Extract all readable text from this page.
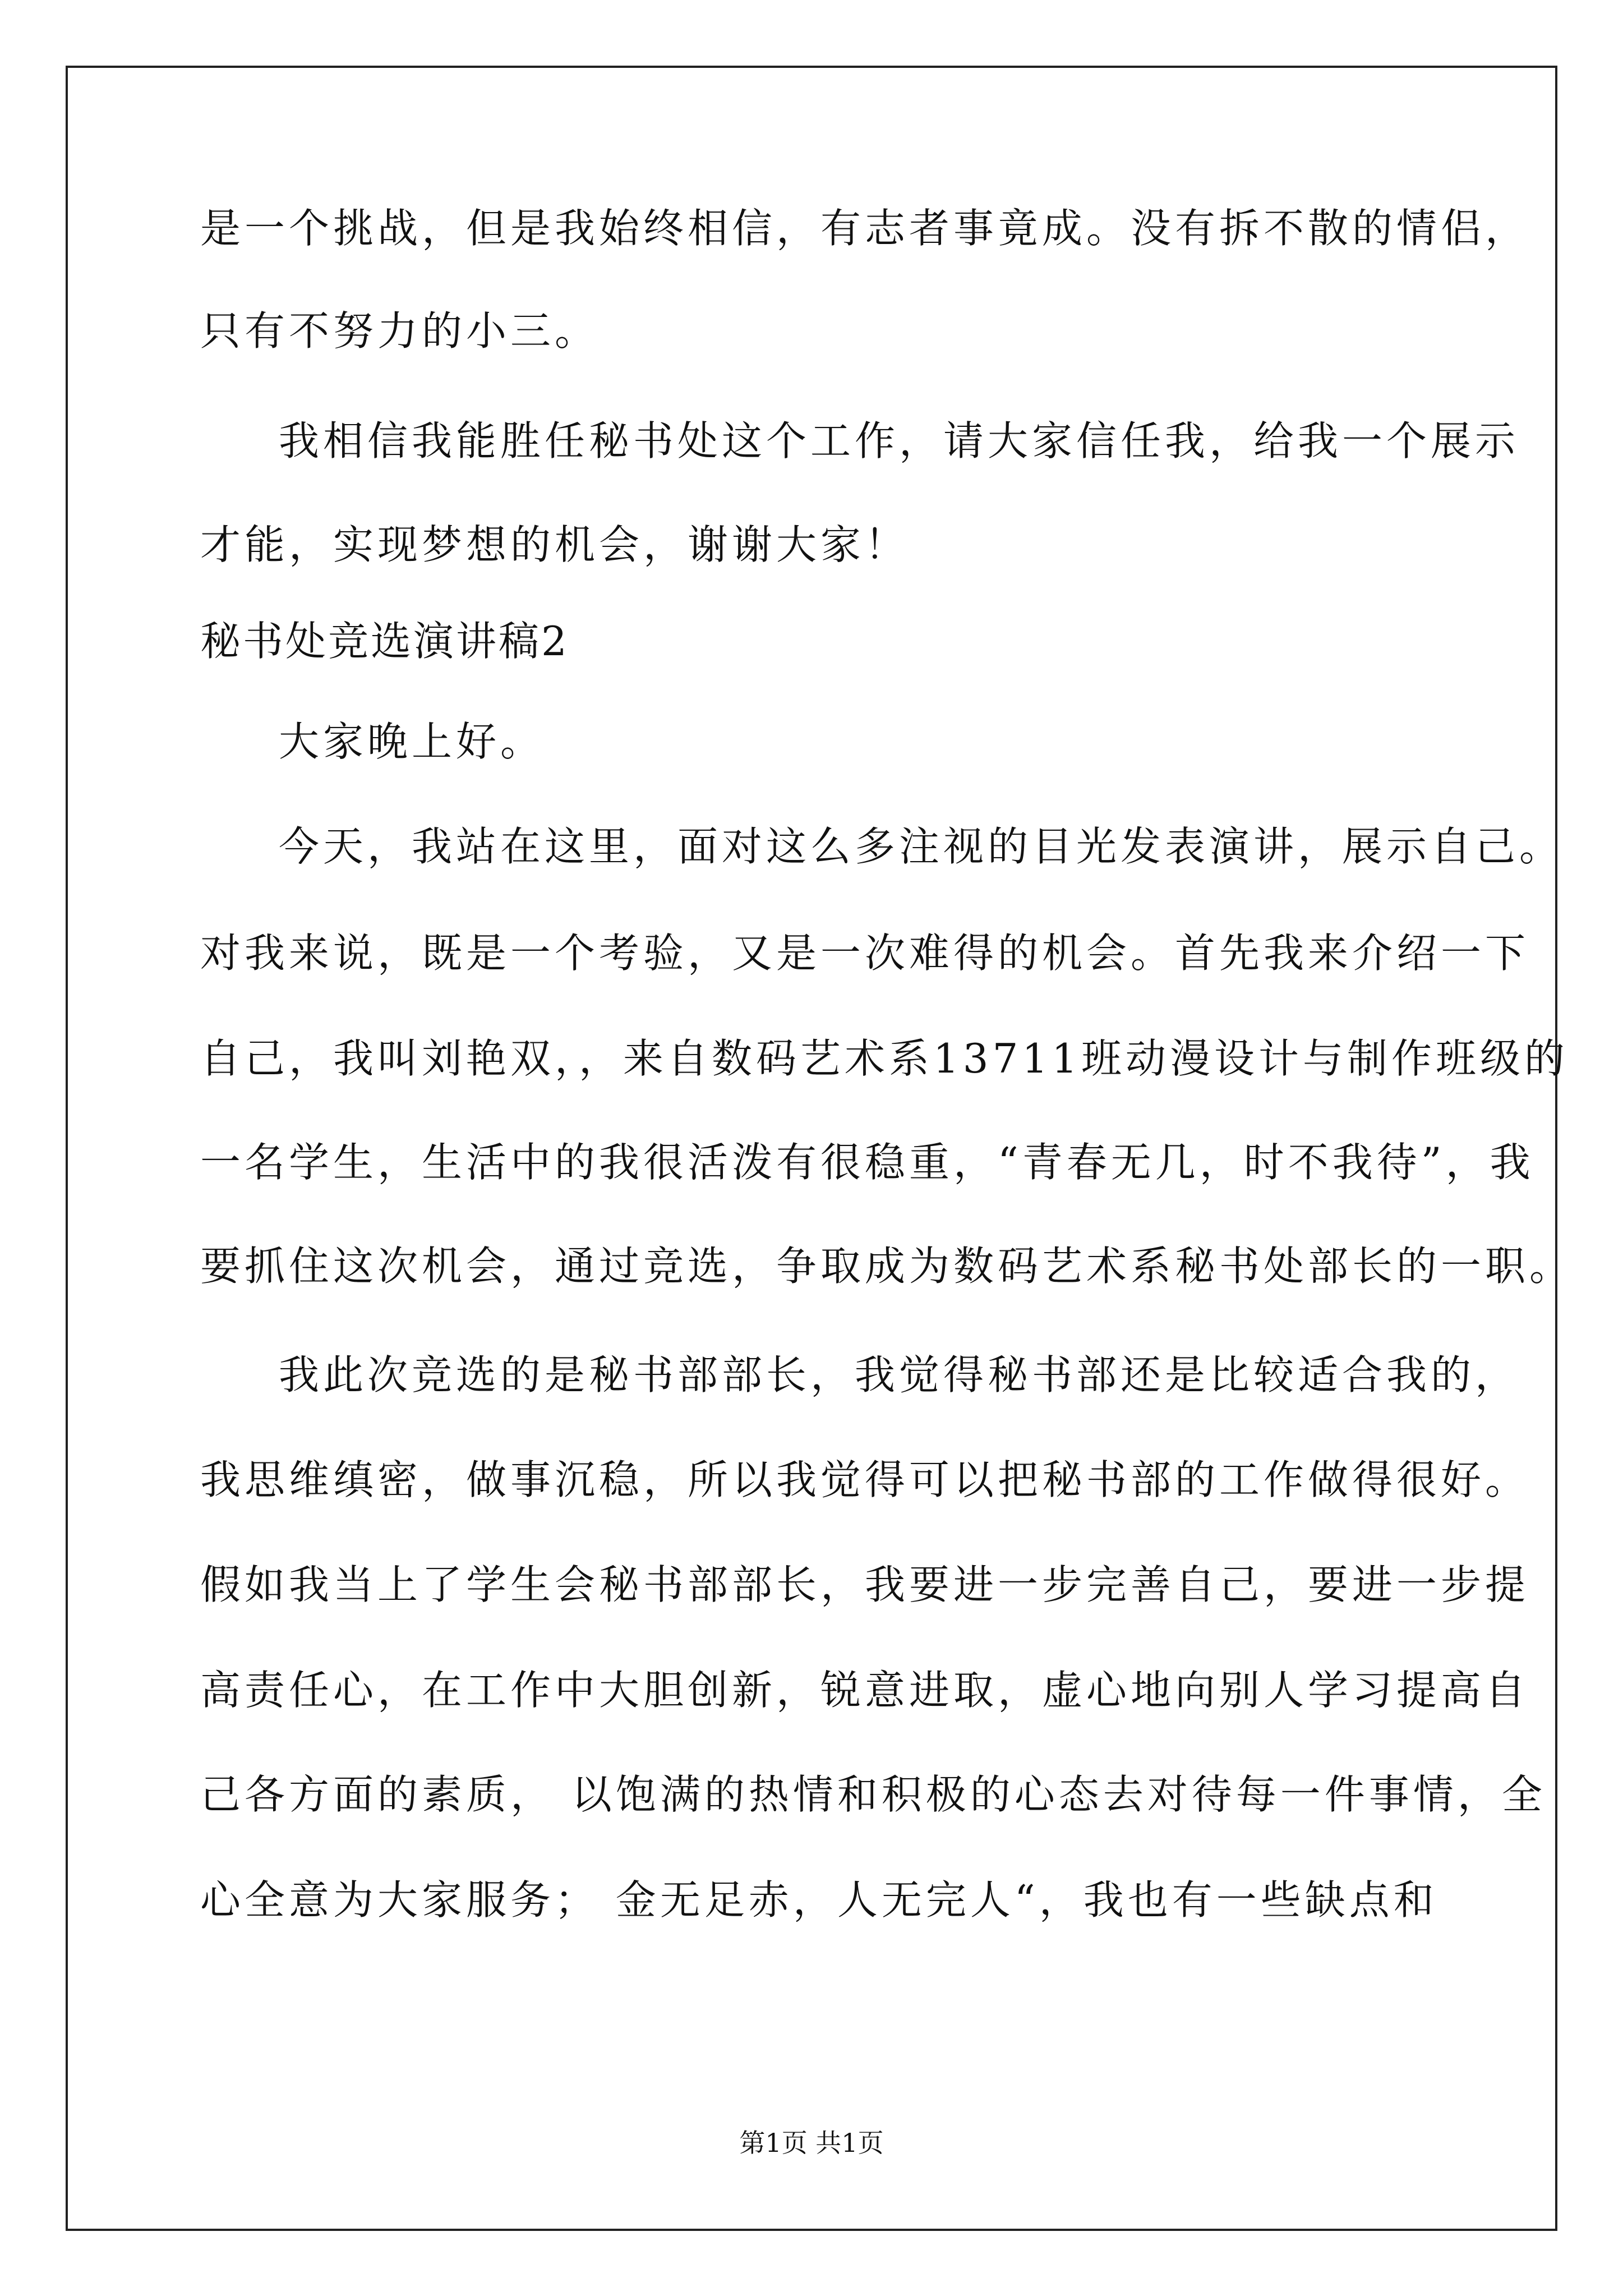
是一个挑战，但是我始终相信，有志者事竟成。没有拆不散的情侣，
只有不努力的小三。
我相信我能胜任秘书处这个工作，请大家信任我，给我一个展示
才能，实现梦想的机会，谢谢大家！
秘书处竞选演讲稿2
大家晚上好。
今天，我站在这里，面对这么多注视的目光发表演讲，展示自己。
对我来说，既是一个考验，又是一次难得的机会。首先我来介绍一下
自己，我叫刘艳双，，来自数码艺术系13711班动漫设计与制作班级的
一名学生，生活中的我很活泼有很稳重，“青春无几，时不我待”，我
要抓住这次机会，通过竞选，争取成为数码艺术系秘书处部长的一职。
我此次竞选的是秘书部部长，我觉得秘书部还是比较适合我的，
我思维缜密，做事沉稳，所以我觉得可以把秘书部的工作做得很好。
假如我当上了学生会秘书部部长，我要进一步完善自己，要进一步提
高责任心，在工作中大胆创新，锐意进取，虚心地向别人学习提高自
己各方面的素质， 以饱满的热情和积极的心态去对待每一件事情，全
心全意为大家服务； 金无足赤，人无完人“，我也有一些缺点和
第1页 共1页
